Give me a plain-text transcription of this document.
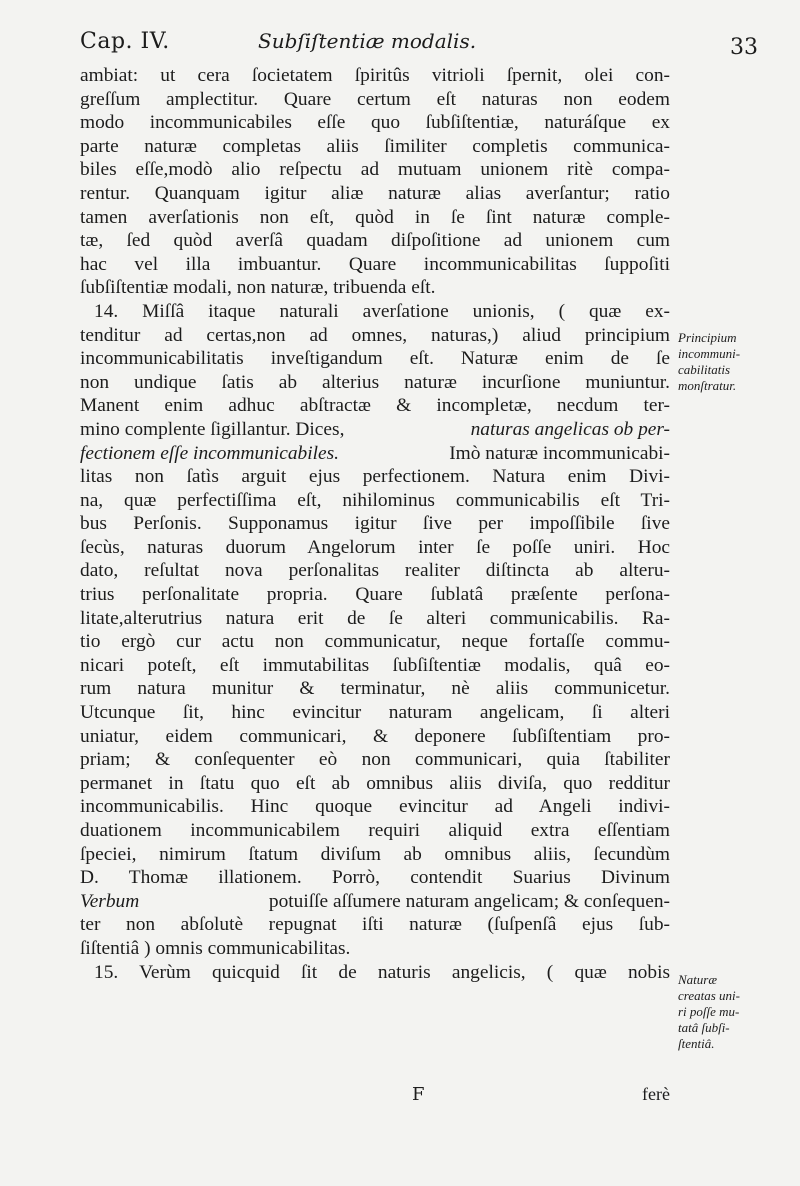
Cap. IV.	Subſiſtentiæ modalis.	33
ambiat: ut cera ſocietatem ſpiritûs vitrioli ſpernit, olei con-
greſſum amplectitur. Quare certum eſt naturas non eodem
modo incommunicabiles eſſe quo ſubſiſtentiæ, naturáſque ex
parte naturæ completas aliis ſimiliter completis communica-
biles eſſe,modò alio reſpectu ad mutuam unionem ritè compa-
rentur. Quanquam igitur aliæ naturæ alias averſantur; ratio
tamen averſationis non eſt, quòd in ſe ſint naturæ comple-
tæ, ſed quòd averſâ quadam diſpoſitione ad unionem cum
hac vel illa imbuantur. Quare incommunicabilitas ſuppoſiti
ſubſiſtentiæ modali, non naturæ, tribuenda eſt.
14. Miſſâ itaque naturali averſatione unionis, ( quæ ex-
tenditur ad certas,non ad omnes, naturas,) aliud principium
incommunicabilitatis inveſtigandum eſt. Naturæ enim de ſe
non undique ſatis ab alterius naturæ incurſione muniuntur.
Manent enim adhuc abſtractæ & incompletæ, necdum ter-
mino complente ſigillantur. Dices,	naturas angelicas ob per-
fectionem eſſe incommunicabiles.	Imò naturæ incommunicabi-
litas non ſatìs arguit ejus perfectionem. Natura enim Divi-
na, quæ perfectiſſima eſt, nihilominus communicabilis eſt Tri-
bus Perſonis. Supponamus igitur ſive per impoſſibile ſive
ſecùs, naturas duorum Angelorum inter ſe poſſe uniri. Hoc
dato, reſultat nova perſonalitas realiter diſtincta ab alteru-
trius perſonalitate propria. Quare ſublatâ præſente perſona-
litate,alterutrius natura erit de ſe alteri communicabilis. Ra-
tio ergò cur actu non communicatur, neque fortaſſe commu-
nicari poteſt, eſt immutabilitas ſubſiſtentiæ modalis, quâ eo-
rum natura munitur & terminatur, nè aliis communicetur.
Utcunque ſit, hinc evincitur naturam angelicam, ſi alteri
uniatur, eidem communicari, & deponere ſubſiſtentiam pro-
priam; & conſequenter eò non communicari, quia ſtabiliter
permanet in ſtatu quo eſt ab omnibus aliis diviſa, quo redditur
incommunicabilis. Hinc quoque evincitur ad Angeli indivi-
duationem incommunicabilem requiri aliquid extra eſſentiam
ſpeciei, nimirum ſtatum diviſum ab omnibus aliis, ſecundùm
D. Thomæ illationem. Porrò, contendit Suarius Divinum
Verbum	potuiſſe aſſumere naturam angelicam; & conſequen-
ter non abſolutè repugnat iſti naturæ (ſuſpenſâ ejus ſub-
ſiſtentiâ ) omnis communicabilitas.
15. Verùm quicquid ſit de naturis angelicis, ( quæ nobis
Principium
incommuni-
cabilitatis
monſtratur.
Naturæ
creatas uni-
ri poſſe mu-
tatâ ſubſi-
ſtentiâ.
F	ferè
